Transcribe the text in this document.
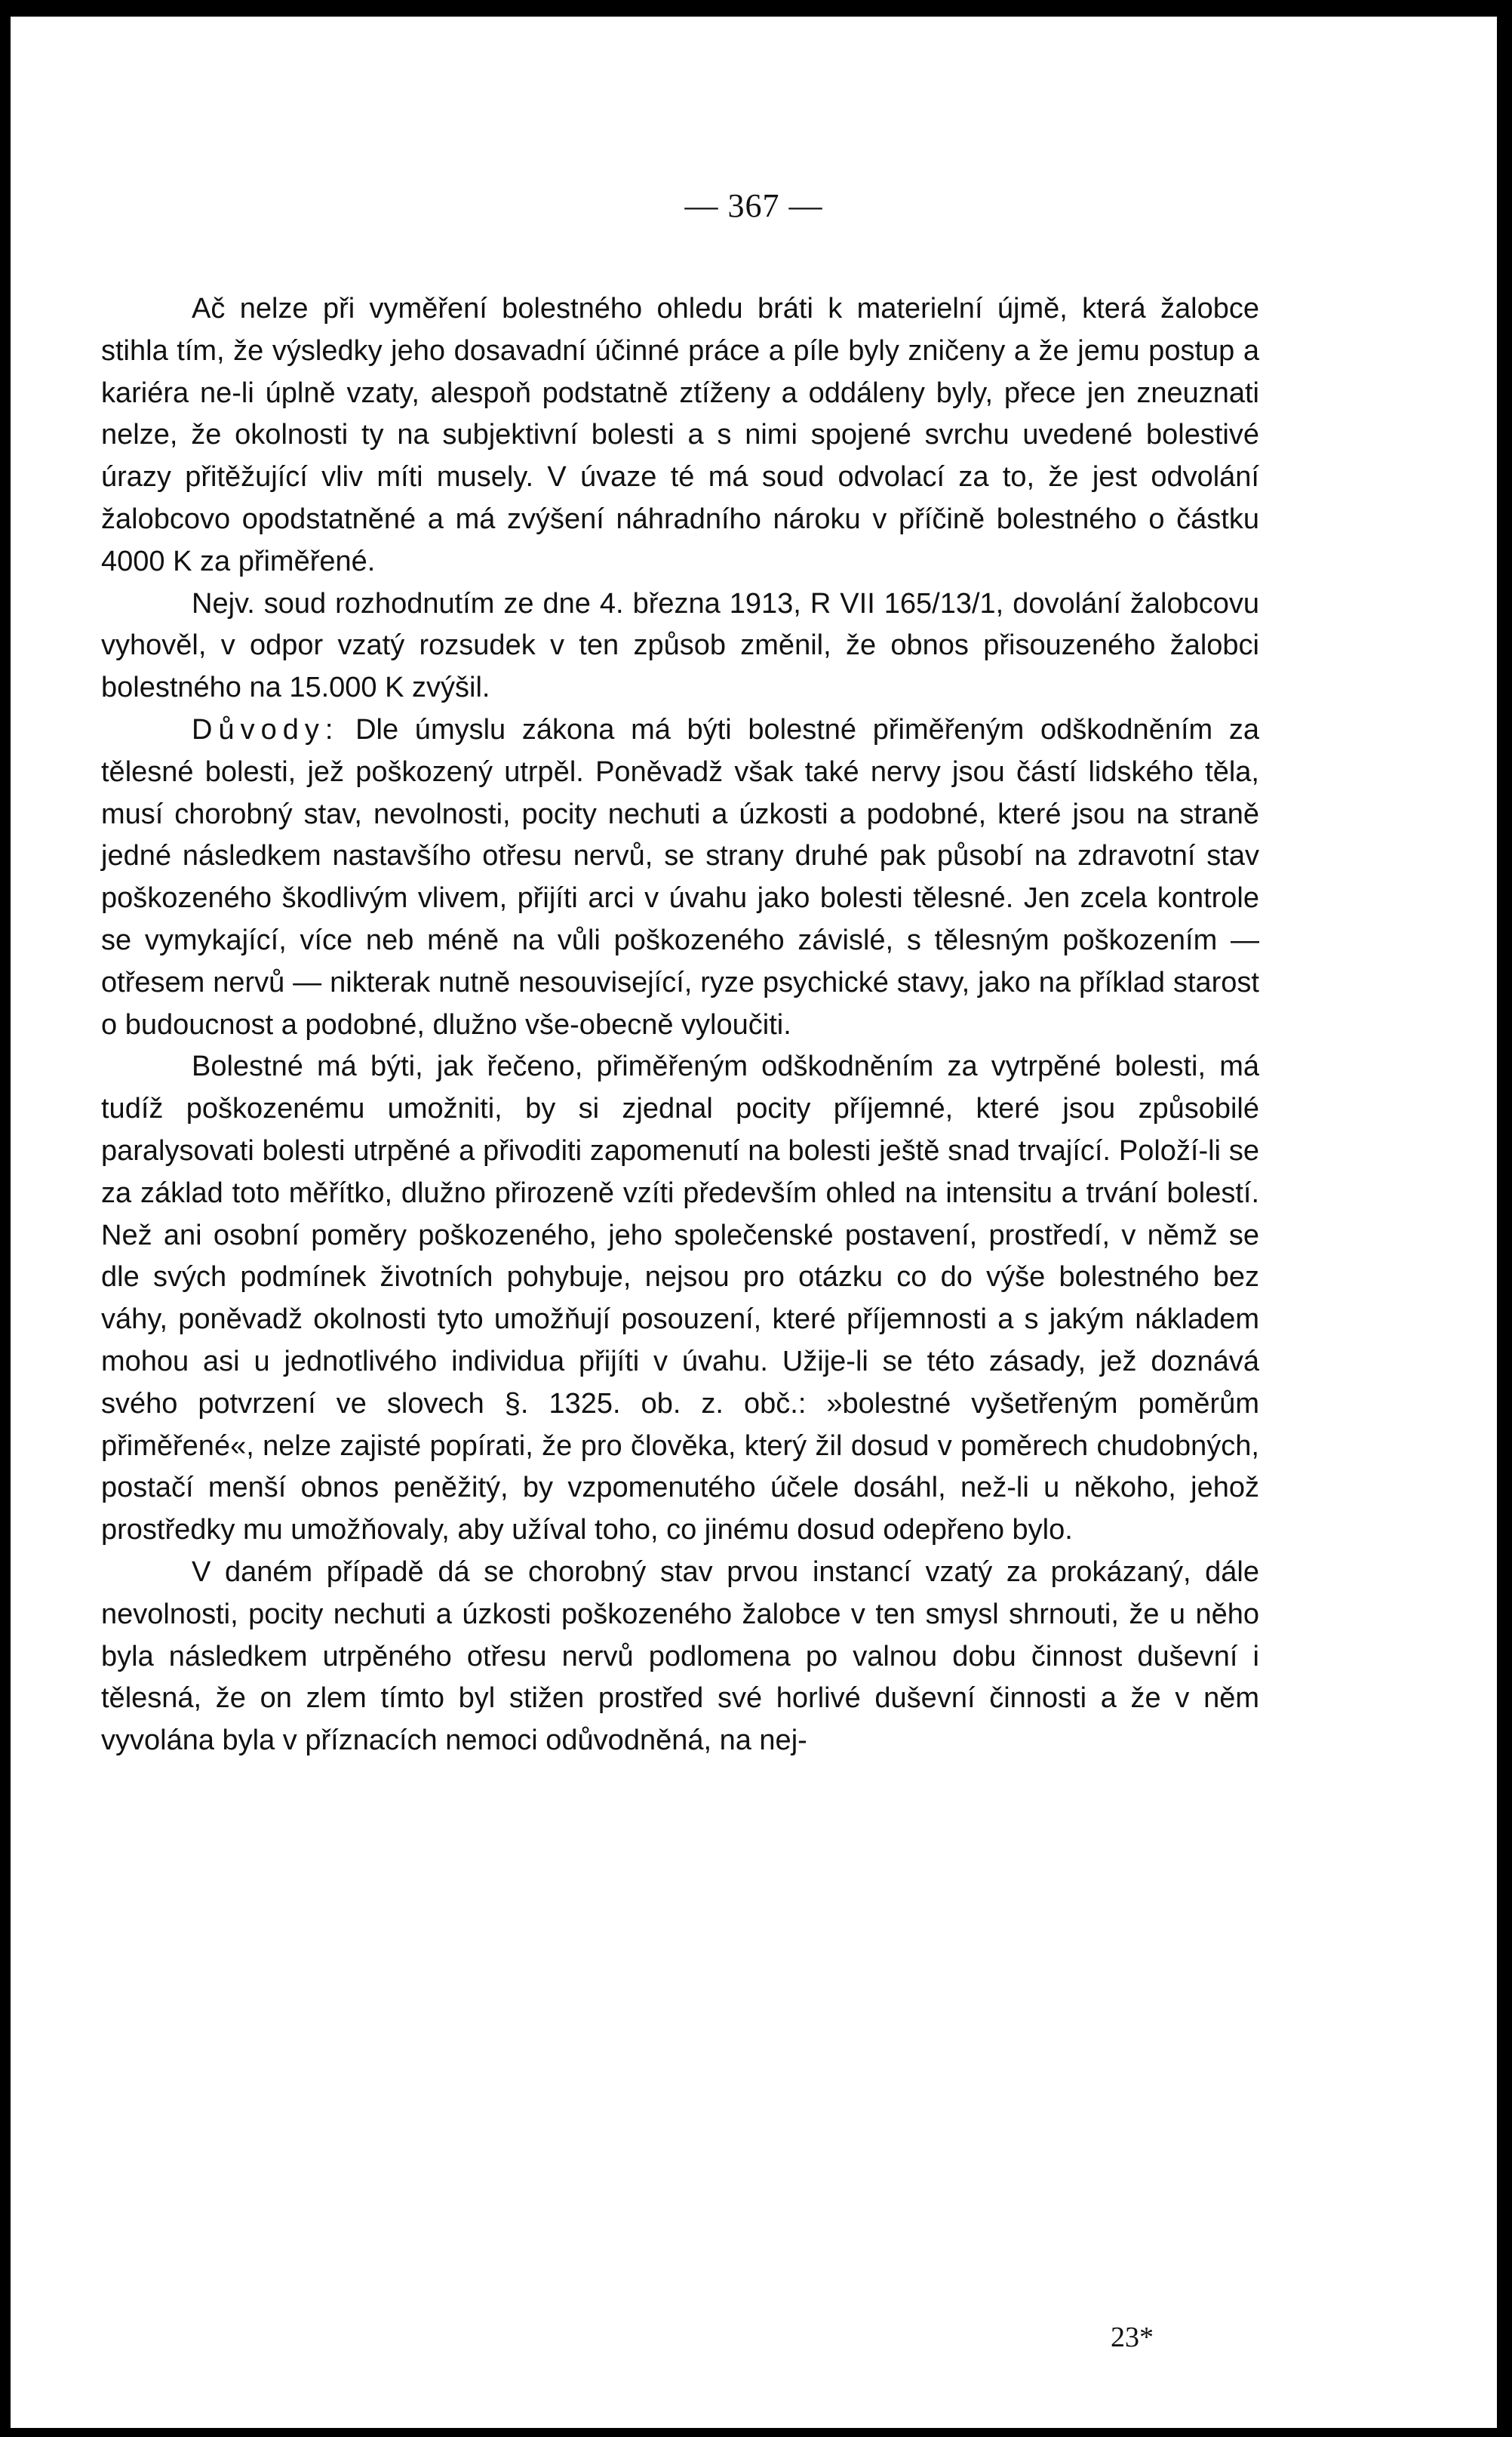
— 367 —

Ač nelze při vyměření bolestného ohledu bráti k materielní újmě, která žalobce stihla tím, že výsledky jeho dosavadní účinné práce a píle byly zničeny a že jemu postup a kariéra ne-li úplně vzaty, alespoň podstatně ztíženy a oddáleny byly, přece jen zneuznati nelze, že okolnosti ty na subjektivní bolesti a s nimi spojené svrchu uvedené bolestivé úrazy přitěžující vliv míti musely. V úvaze té má soud odvolací za to, že jest odvolání žalobcovo opodstatněné a má zvýšení náhradního nároku v příčině bolestného o částku 4000 K za přiměřené.

Nejv. soud rozhodnutím ze dne 4. března 1913, R VII 165/13/1, dovolání žalobcovu vyhověl, v odpor vzatý rozsudek v ten způsob změnil, že obnos přisouzeného žalobci bolestného na 15.000 K zvýšil.

Důvody: Dle úmyslu zákona má býti bolestné přiměřeným odškodněním za tělesné bolesti, jež poškozený utrpěl. Poněvadž však také nervy jsou částí lidského těla, musí chorobný stav, nevolnosti, pocity nechuti a úzkosti a podobné, které jsou na straně jedné následkem nastavšího otřesu nervů, se strany druhé pak působí na zdravotní stav poškozeného škodlivým vlivem, přijíti arci v úvahu jako bolesti tělesné. Jen zcela kontrole se vymykající, více neb méně na vůli poškozeného závislé, s tělesným poškozením — otřesem nervů — nikterak nutně nesouvisející, ryze psychické stavy, jako na příklad starost o budoucnost a podobné, dlužno vše-obecně vyloučiti.

Bolestné má býti, jak řečeno, přiměřeným odškodněním za vytrpěné bolesti, má tudíž poškozenému umožniti, by si zjednal pocity příjemné, které jsou způsobilé paralysovati bolesti utrpěné a přivoditi zapomenutí na bolesti ještě snad trvající. Položí-li se za základ toto měřítko, dlužno přirozeně vzíti především ohled na intensitu a trvání bolestí. Než ani osobní poměry poškozeného, jeho společenské postavení, prostředí, v němž se dle svých podmínek životních pohybuje, nejsou pro otázku co do výše bolestného bez váhy, poněvadž okolnosti tyto umožňují posouzení, které příjemnosti a s jakým nákladem mohou asi u jednotlivého individua přijíti v úvahu. Užije-li se této zásady, jež doznává svého potvrzení ve slovech §. 1325. ob. z. obč.: »bolestné vyšetřeným poměrům přiměřené«, nelze zajisté popírati, že pro člověka, který žil dosud v poměrech chudobných, postačí menší obnos peněžitý, by vzpomenutého účele dosáhl, než-li u někoho, jehož prostředky mu umožňovaly, aby užíval toho, co jinému dosud odepřeno bylo.

V daném případě dá se chorobný stav prvou instancí vzatý za prokázaný, dále nevolnosti, pocity nechuti a úzkosti poškozeného žalobce v ten smysl shrnouti, že u něho byla následkem utrpěného otřesu nervů podlomena po valnou dobu činnost duševní i tělesná, že on zlem tímto byl stižen prostřed své horlivé duševní činnosti a že v něm vyvolána byla v příznacích nemoci odůvodněná, na nej-

23*
